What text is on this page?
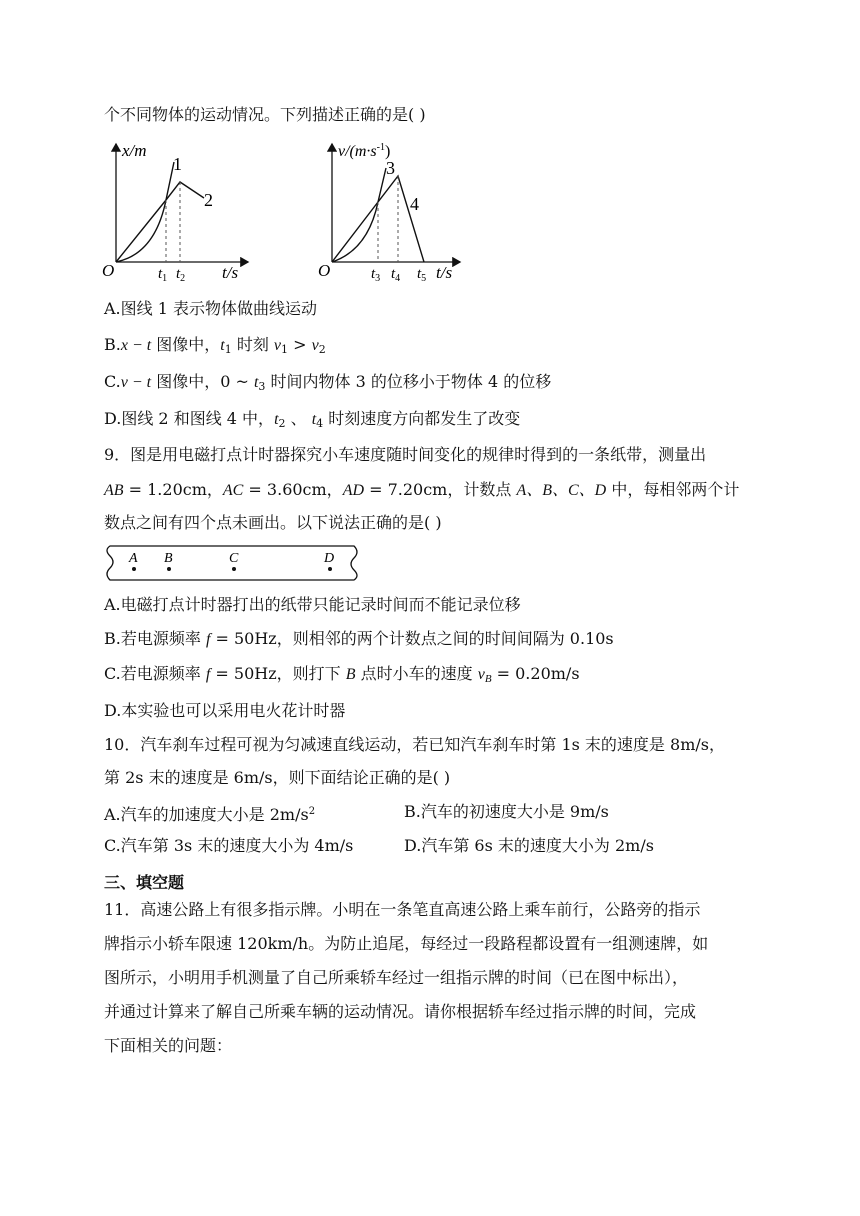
个不同物体的运动情况。下列描述正确的是( )
x/m
O	t/s
1
2
$t_1$ $t_2$
$v/(m\cdot s^{-1})$
O	t/s
3
4
$t_3$ $t_4$ $t_5$
A.图线 1 表示物体做曲线运动
B.x − t 图像中，$t_1$ 时刻 $v_1 > v_2$
C.v − t 图像中，0 ~ $t_3$ 时间内物体 3 的位移小于物体 4 的位移
D.图线 2 和图线 4 中，$t_2$ 、 $t_4$ 时刻速度方向都发生了改变
9．图是用电磁打点计时器探究小车速度随时间变化的规律时得到的一条纸带，测量出
AB = 1.20cm，AC = 3.60cm，AD = 7.20cm，计数点 A、B、C、D 中，每相邻两个计
数点之间有四个点未画出。以下说法正确的是( )
A B	C	D
A.电磁打点计时器打出的纸带只能记录时间而不能记录位移
B.若电源频率 f = 50Hz，则相邻的两个计数点之间的时间间隔为 0.10s
C.若电源频率 f = 50Hz，则打下 B 点时小车的速度 $v_B = 0.20m/s$
D.本实验也可以采用电火花计时器
10．汽车刹车过程可视为匀减速直线运动，若已知汽车刹车时第 1s 末的速度是 8m/s，
第 2s 末的速度是 6m/s，则下面结论正确的是( )
A.汽车的加速度大小是 $2m/s^2$	B.汽车的初速度大小是 9m/s
C.汽车第 3s 末的速度大小为 4m/s	D.汽车第 6s 末的速度大小为 2m/s
三、填空题
11．高速公路上有很多指示牌。小明在一条笔直高速公路上乘车前行，公路旁的指示
牌指示小轿车限速 120km/h。为防止追尾，每经过一段路程都设置有一组测速牌，如
图所示，小明用手机测量了自己所乘轿车经过一组指示牌的时间（已在图中标出），
并通过计算来了解自己所乘车辆的运动情况。请你根据轿车经过指示牌的时间，完成
下面相关的问题：
